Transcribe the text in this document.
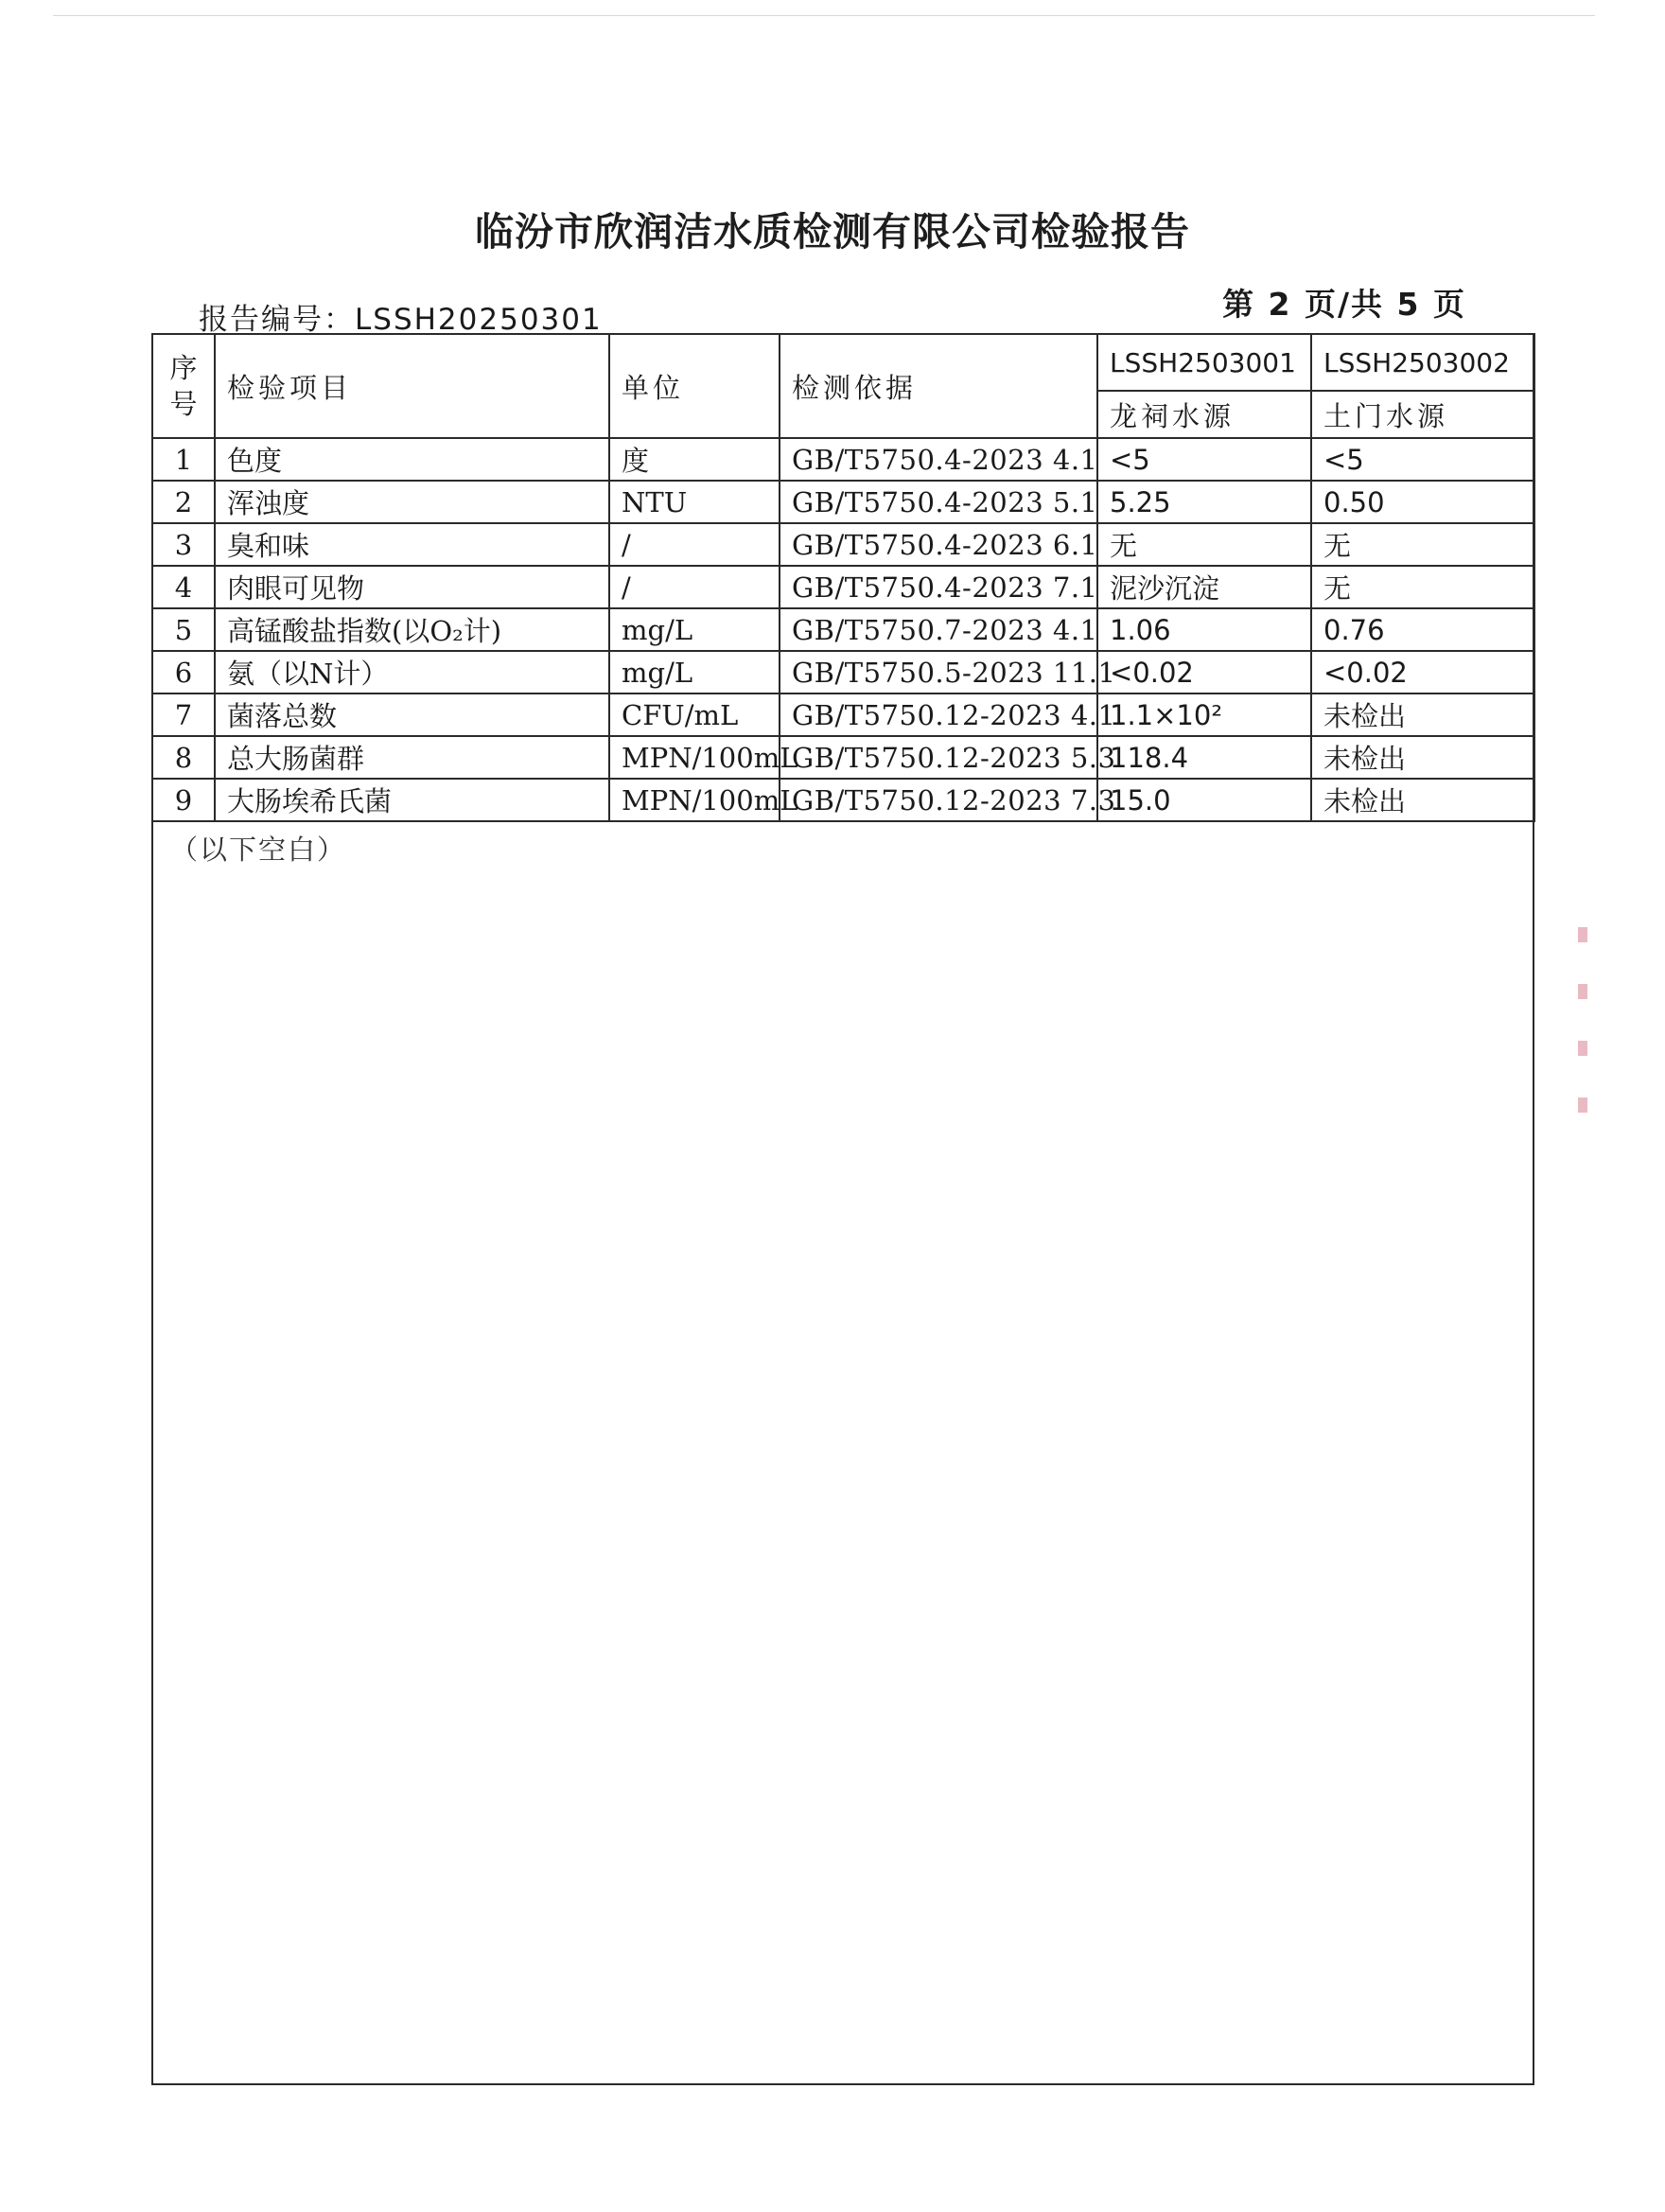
临汾市欣润洁水质检测有限公司检验报告
报告编号：LSSH20250301	第 2 页/共 5 页
序号	检验项目	单位	检测依据	LSSH2503001	LSSH2503002
				龙祠水源	土门水源
1	色度	度	GB/T5750.4-2023 4.1	<5	<5
2	浑浊度	NTU	GB/T5750.4-2023 5.1	5.25	0.50
3	臭和味	/	GB/T5750.4-2023 6.1	无	无
4	肉眼可见物	/	GB/T5750.4-2023 7.1	泥沙沉淀	无
5	高锰酸盐指数(以O₂计)	mg/L	GB/T5750.7-2023 4.1	1.06	0.76
6	氨（以N计）	mg/L	GB/T5750.5-2023 11.1	<0.02	<0.02
7	菌落总数	CFU/mL	GB/T5750.12-2023 4.1	1.1×10²	未检出
8	总大肠菌群	MPN/100mL	GB/T5750.12-2023 5.3	118.4	未检出
9	大肠埃希氏菌	MPN/100mL	GB/T5750.12-2023 7.3	15.0	未检出
（以下空白）
